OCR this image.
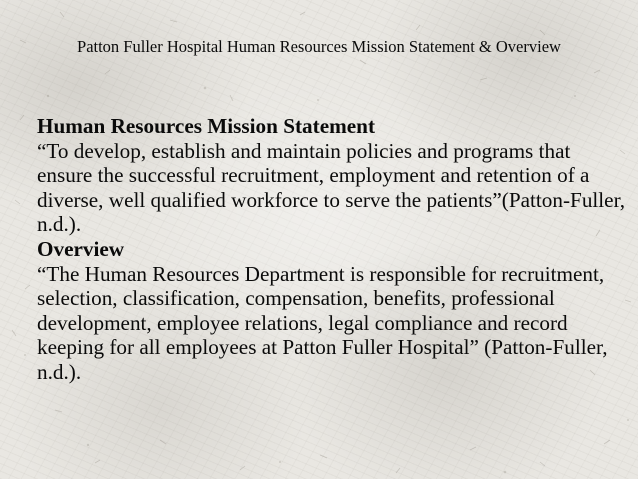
Patton Fuller Hospital Human Resources Mission Statement & Overview

Human Resources Mission Statement

“To develop, establish and maintain policies and programs that ensure the successful recruitment, employment and retention of a diverse, well qualified workforce to serve the patients”(Patton-Fuller, n.d.).

Overview

“The Human Resources Department is responsible for recruitment, selection, classification, compensation, benefits, professional development, employee relations, legal compliance and record keeping for all employees at Patton Fuller Hospital” (Patton-Fuller, n.d.).
